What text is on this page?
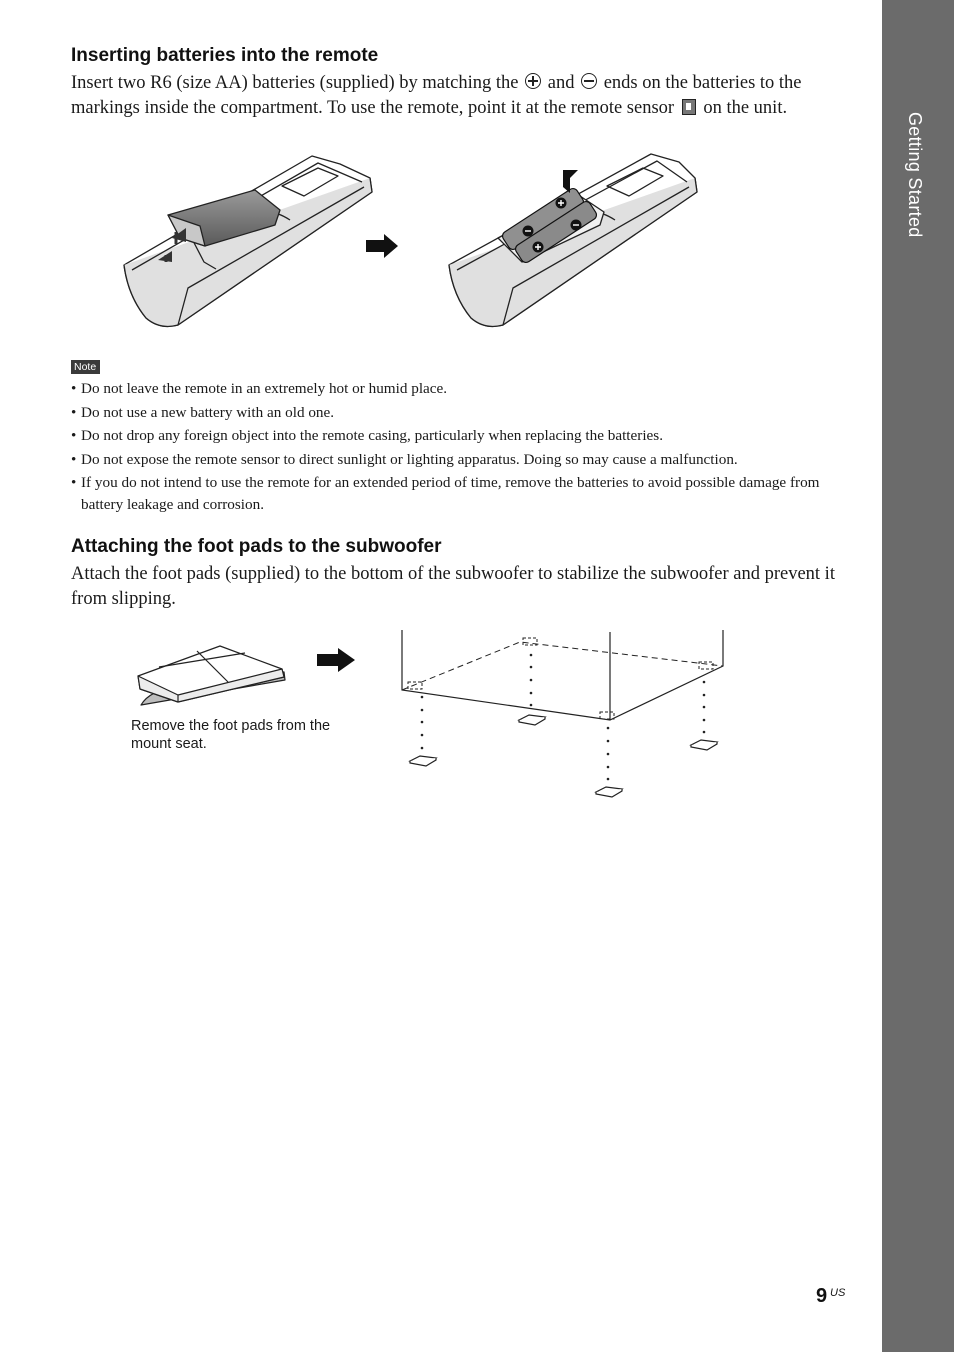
Getting Started
Inserting batteries into the remote

Insert two R6 (size AA) batteries (supplied) by matching the and ends on the batteries to the markings inside the compartment. To use the remote, point it at the remote sensor on the unit.

Note
• Do not leave the remote in an extremely hot or humid place.
• Do not use a new battery with an old one.
• Do not drop any foreign object into the remote casing, particularly when replacing the batteries.
• Do not expose the remote sensor to direct sunlight or lighting apparatus. Doing so may cause a malfunction.
• If you do not intend to use the remote for an extended period of time, remove the batteries to avoid possible damage from battery leakage and corrosion.
Attaching the foot pads to the subwoofer

Attach the foot pads (supplied) to the bottom of the subwoofer to stabilize the subwoofer and prevent it from slipping.

Remove the foot pads from the mount seat.
9 US
